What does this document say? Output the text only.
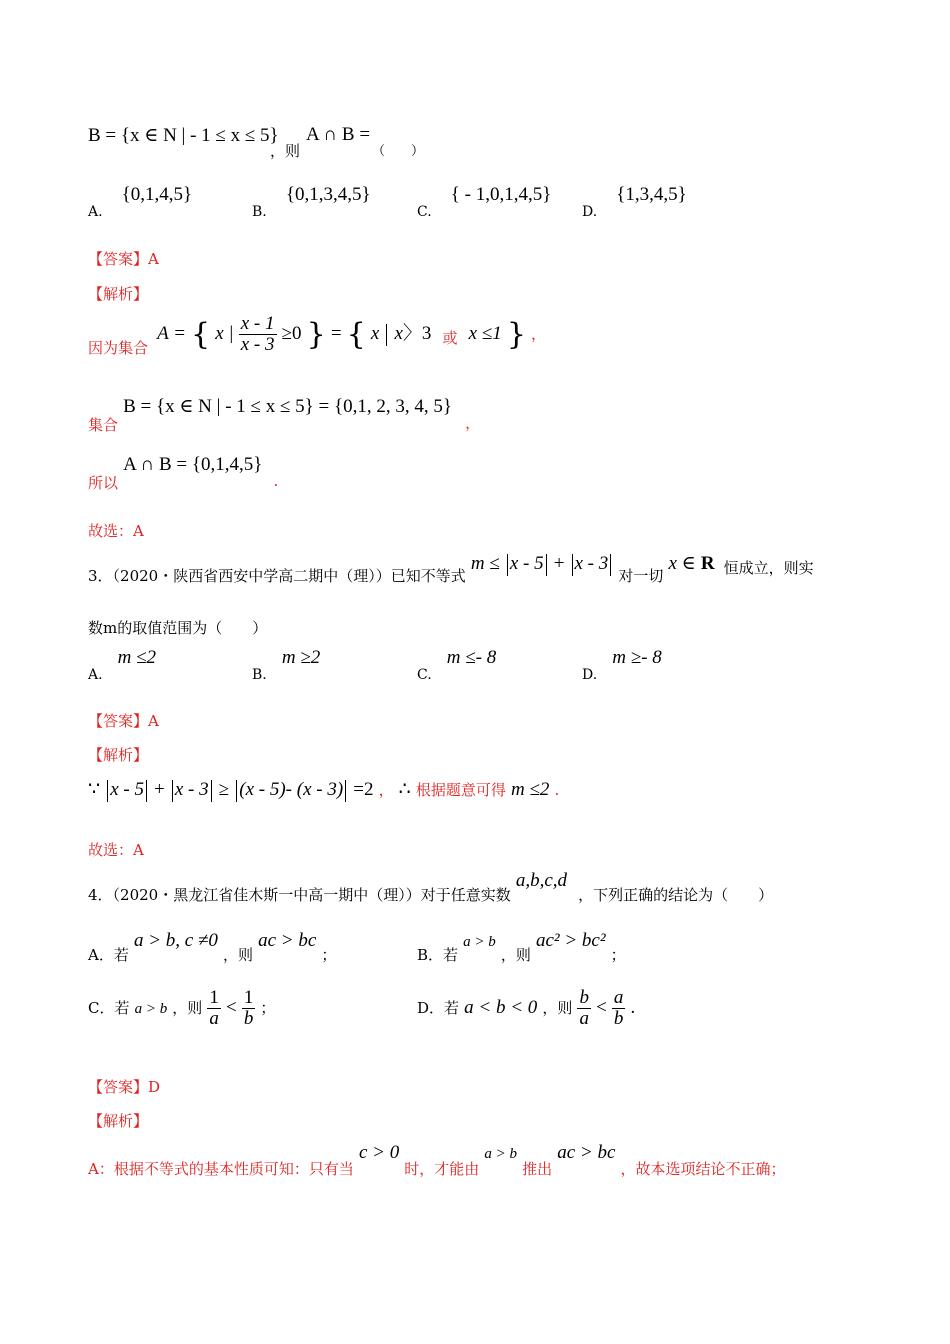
B = {x ∈ N | - 1 ≤ x ≤ 5}
，则
A ∩ B =
（　　）
A. {0,1,4,5}
B. {0,1,3,4,5}
C. { - 1,0,1,4,5}
D. {1,3,4,5}
【答案】A
【解析】
因为集合 A = { x | $\frac{x - 1}{x - 3} \ge 0$ } = { x x〉3 或 x ≤1 } ，
集合 B = {x ∈ N | - 1 ≤ x ≤ 5} = {0,1, 2, 3, 4, 5} ，
所以 A ∩ B = {0,1,4,5} .
故选：A
3．（2020・陕西省西安中学高二期中（理））已知不等式 m ≤ x - 5 + x - 3 对一切 x ∈ R 恒成立，则实
数m的取值范围为（　　）
A. m ≤2
B. m ≥2
C. m ≤- 8
D. m ≥- 8
【答案】A
【解析】
∵ x - 5 + x - 3 ≥ (x - 5)- (x - 3) =2 ， ∴ 根据题意可得 m ≤2 .
故选：A
4．（2020・黑龙江省佳木斯一中高一期中（理））对于任意实数 a,b,c,d ，下列正确的结论为（　　）
A．若 a > b, c ≠0 ，则 ac > bc ；	B．若 a > b ，则 ac² > bc² ；
C．若 a > b ，则 $\frac{1}{a} < \frac{1}{b}$ ；	D．若 a < b < 0 ，则 $\frac{b}{a} < \frac{a}{b}$ .
【答案】D
【解析】
A：根据不等式的基本性质可知：只有当 c > 0 时，才能由 a > b 推出 ac > bc ，故本选项结论不正确；
